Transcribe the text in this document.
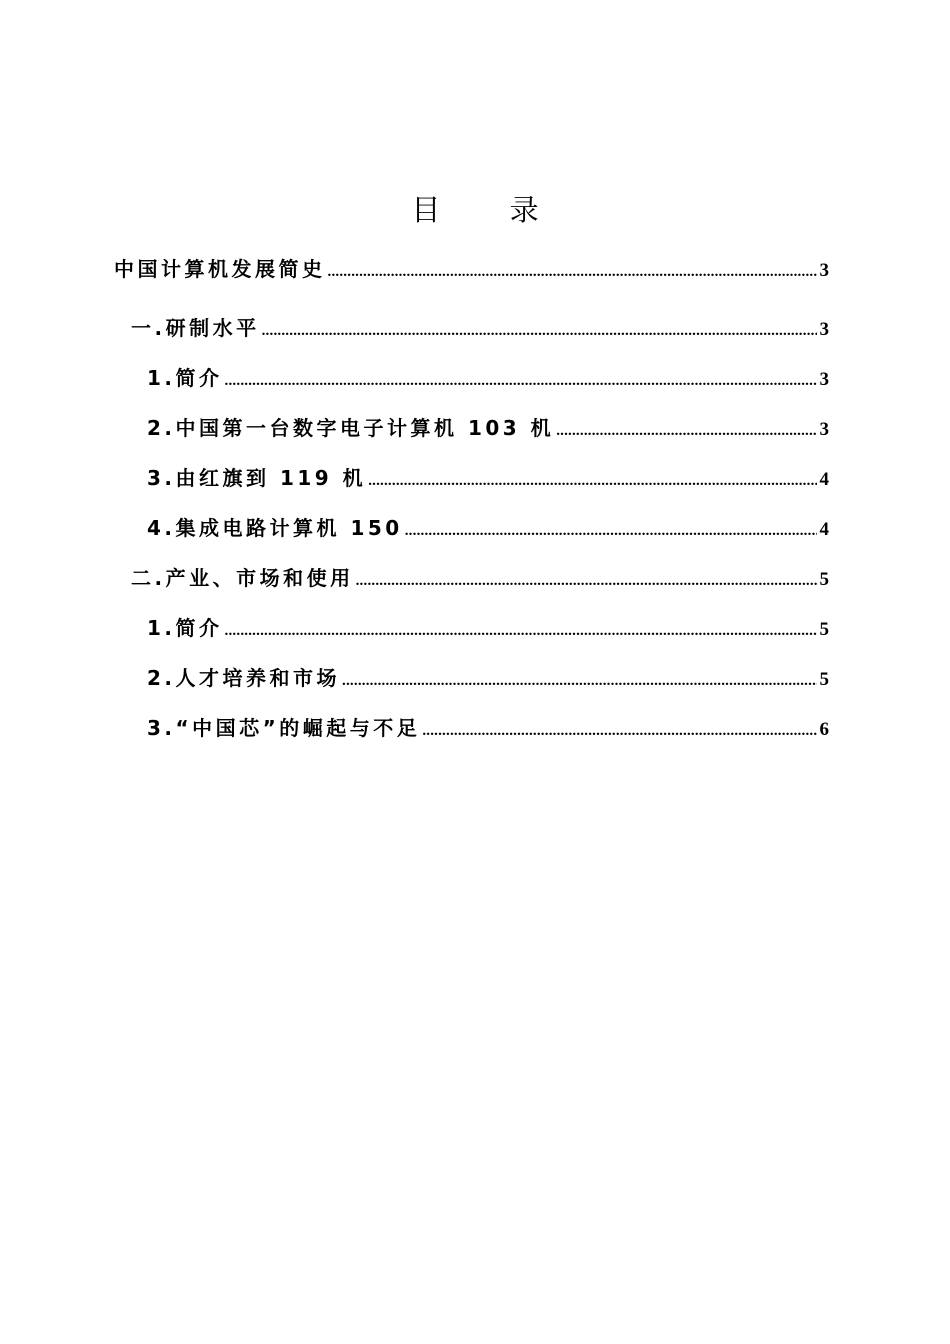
目 录
中国计算机发展简史 .....	3
一.研制水平 .....	3
1.简介 .....	3
2.中国第一台数字电子计算机 103 机 .....	3
3.由红旗到 119 机 .....	4
4.集成电路计算机 150 .....	4
二.产业、市场和使用 .....	5
1.简介 .....	5
2.人才培养和市场 .....	5
3.“中国芯”的崛起与不足 .....	6
